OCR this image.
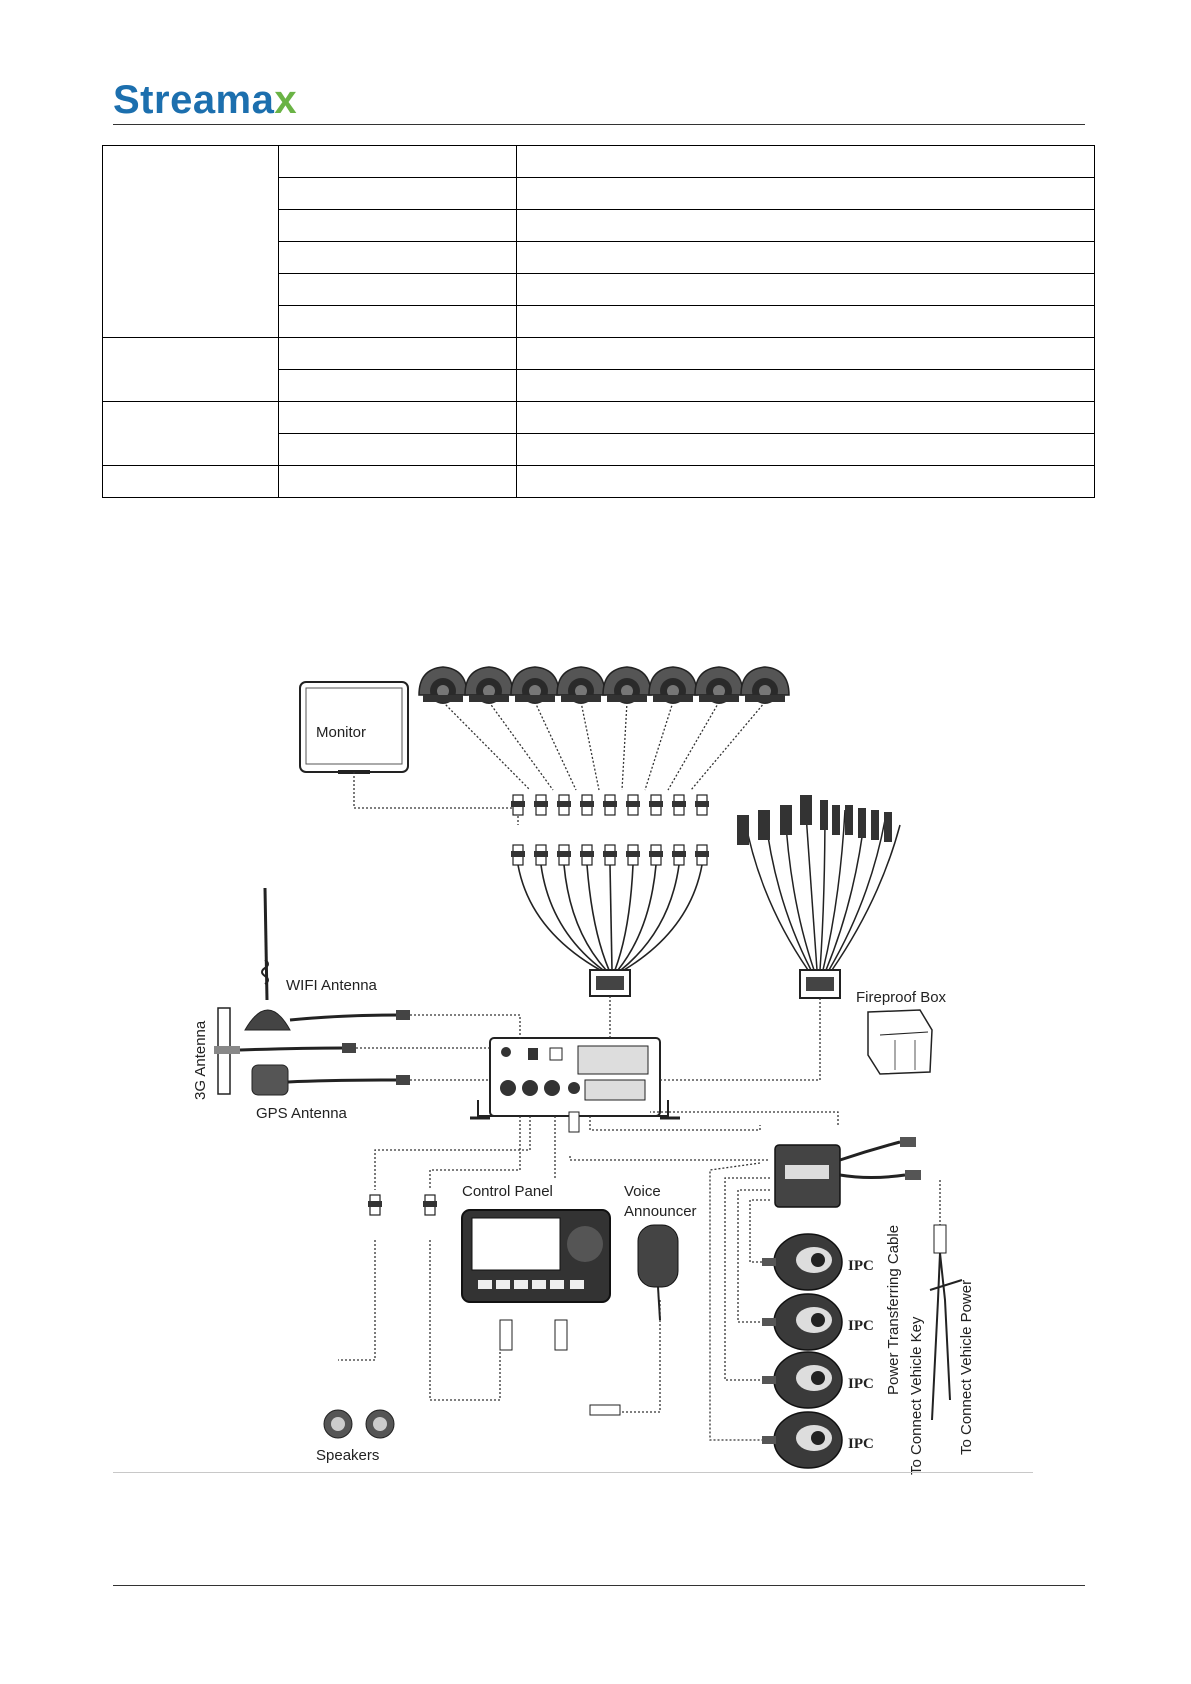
Streamax

Monitor
Fireproof Box
WIFI Antenna
3G Antenna
GPS Antenna
Speakers
Control Panel	Voice
Announcer
IPC
IPC
IPC
IPC
Power Transferring Cable
To Connect Vehicle Key To Connect Vehicle Power
